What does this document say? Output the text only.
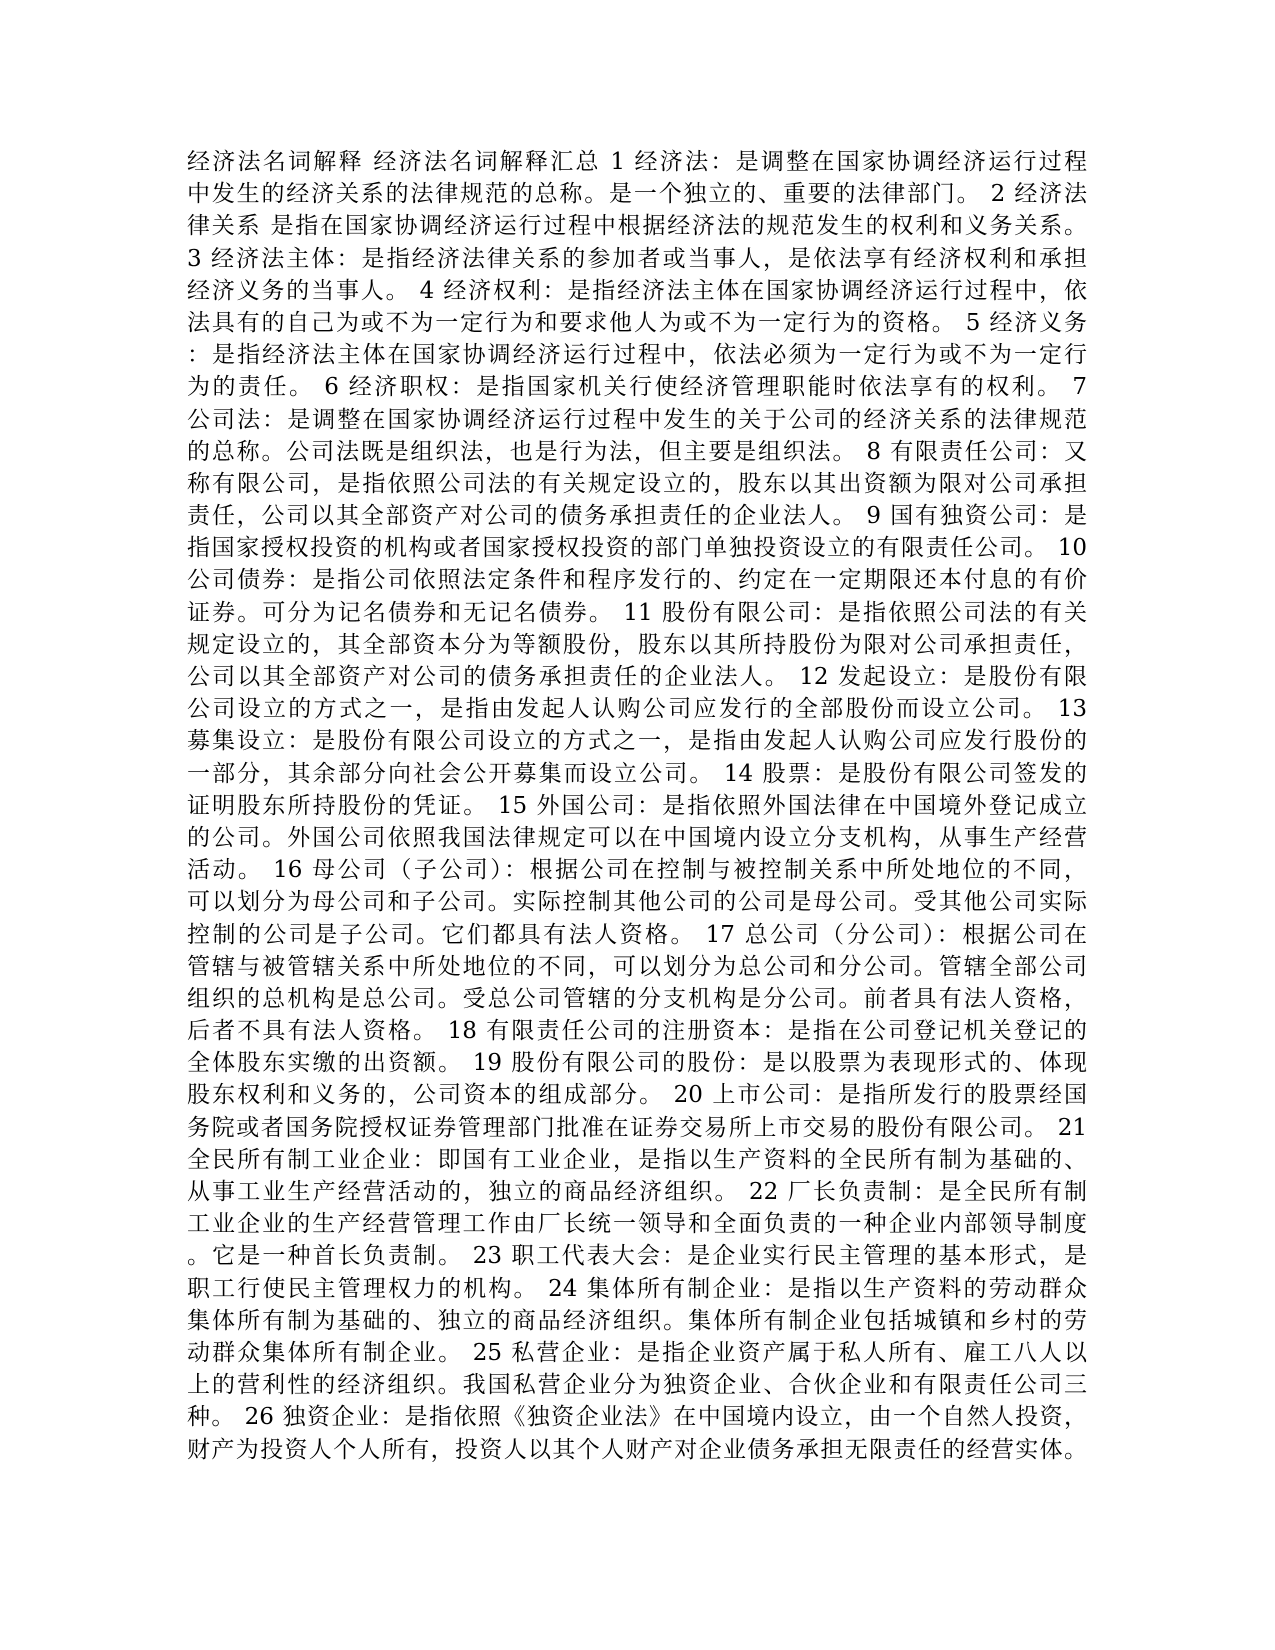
经济法名词解释 经济法名词解释汇总 1 经济法：是调整在国家协调经济运行过程
中发生的经济关系的法律规范的总称。是一个独立的、重要的法律部门。 2 经济法
律关系 是指在国家协调经济运行过程中根据经济法的规范发生的权利和义务关系。
3 经济法主体：是指经济法律关系的参加者或当事人，是依法享有经济权利和承担
经济义务的当事人。 4 经济权利：是指经济法主体在国家协调经济运行过程中，依
法具有的自己为或不为一定行为和要求他人为或不为一定行为的资格。 5 经济义务
：是指经济法主体在国家协调经济运行过程中，依法必须为一定行为或不为一定行
为的责任。 6 经济职权：是指国家机关行使经济管理职能时依法享有的权利。 7
公司法：是调整在国家协调经济运行过程中发生的关于公司的经济关系的法律规范
的总称。公司法既是组织法，也是行为法，但主要是组织法。 8 有限责任公司：又
称有限公司，是指依照公司法的有关规定设立的，股东以其出资额为限对公司承担
责任，公司以其全部资产对公司的债务承担责任的企业法人。 9 国有独资公司：是
指国家授权投资的机构或者国家授权投资的部门单独投资设立的有限责任公司。 10
公司债券：是指公司依照法定条件和程序发行的、约定在一定期限还本付息的有价
证券。可分为记名债券和无记名债券。 11 股份有限公司：是指依照公司法的有关
规定设立的，其全部资本分为等额股份，股东以其所持股份为限对公司承担责任，
公司以其全部资产对公司的债务承担责任的企业法人。 12 发起设立：是股份有限
公司设立的方式之一，是指由发起人认购公司应发行的全部股份而设立公司。 13
募集设立：是股份有限公司设立的方式之一，是指由发起人认购公司应发行股份的
一部分，其余部分向社会公开募集而设立公司。 14 股票：是股份有限公司签发的
证明股东所持股份的凭证。 15 外国公司：是指依照外国法律在中国境外登记成立
的公司。外国公司依照我国法律规定可以在中国境内设立分支机构，从事生产经营
活动。 16 母公司（子公司）：根据公司在控制与被控制关系中所处地位的不同，
可以划分为母公司和子公司。实际控制其他公司的公司是母公司。受其他公司实际
控制的公司是子公司。它们都具有法人资格。 17 总公司（分公司）：根据公司在
管辖与被管辖关系中所处地位的不同，可以划分为总公司和分公司。管辖全部公司
组织的总机构是总公司。受总公司管辖的分支机构是分公司。前者具有法人资格，
后者不具有法人资格。 18 有限责任公司的注册资本：是指在公司登记机关登记的
全体股东实缴的出资额。 19 股份有限公司的股份：是以股票为表现形式的、体现
股东权利和义务的，公司资本的组成部分。 20 上市公司：是指所发行的股票经国
务院或者国务院授权证券管理部门批准在证券交易所上市交易的股份有限公司。 21
全民所有制工业企业：即国有工业企业，是指以生产资料的全民所有制为基础的、
从事工业生产经营活动的，独立的商品经济组织。 22 厂长负责制：是全民所有制
工业企业的生产经营管理工作由厂长统一领导和全面负责的一种企业内部领导制度
。它是一种首长负责制。 23 职工代表大会：是企业实行民主管理的基本形式，是
职工行使民主管理权力的机构。 24 集体所有制企业：是指以生产资料的劳动群众
集体所有制为基础的、独立的商品经济组织。集体所有制企业包括城镇和乡村的劳
动群众集体所有制企业。 25 私营企业：是指企业资产属于私人所有、雇工八人以
上的营利性的经济组织。我国私营企业分为独资企业、合伙企业和有限责任公司三
种。 26 独资企业：是指依照《独资企业法》在中国境内设立，由一个自然人投资，
财产为投资人个人所有，投资人以其个人财产对企业债务承担无限责任的经营实体。
